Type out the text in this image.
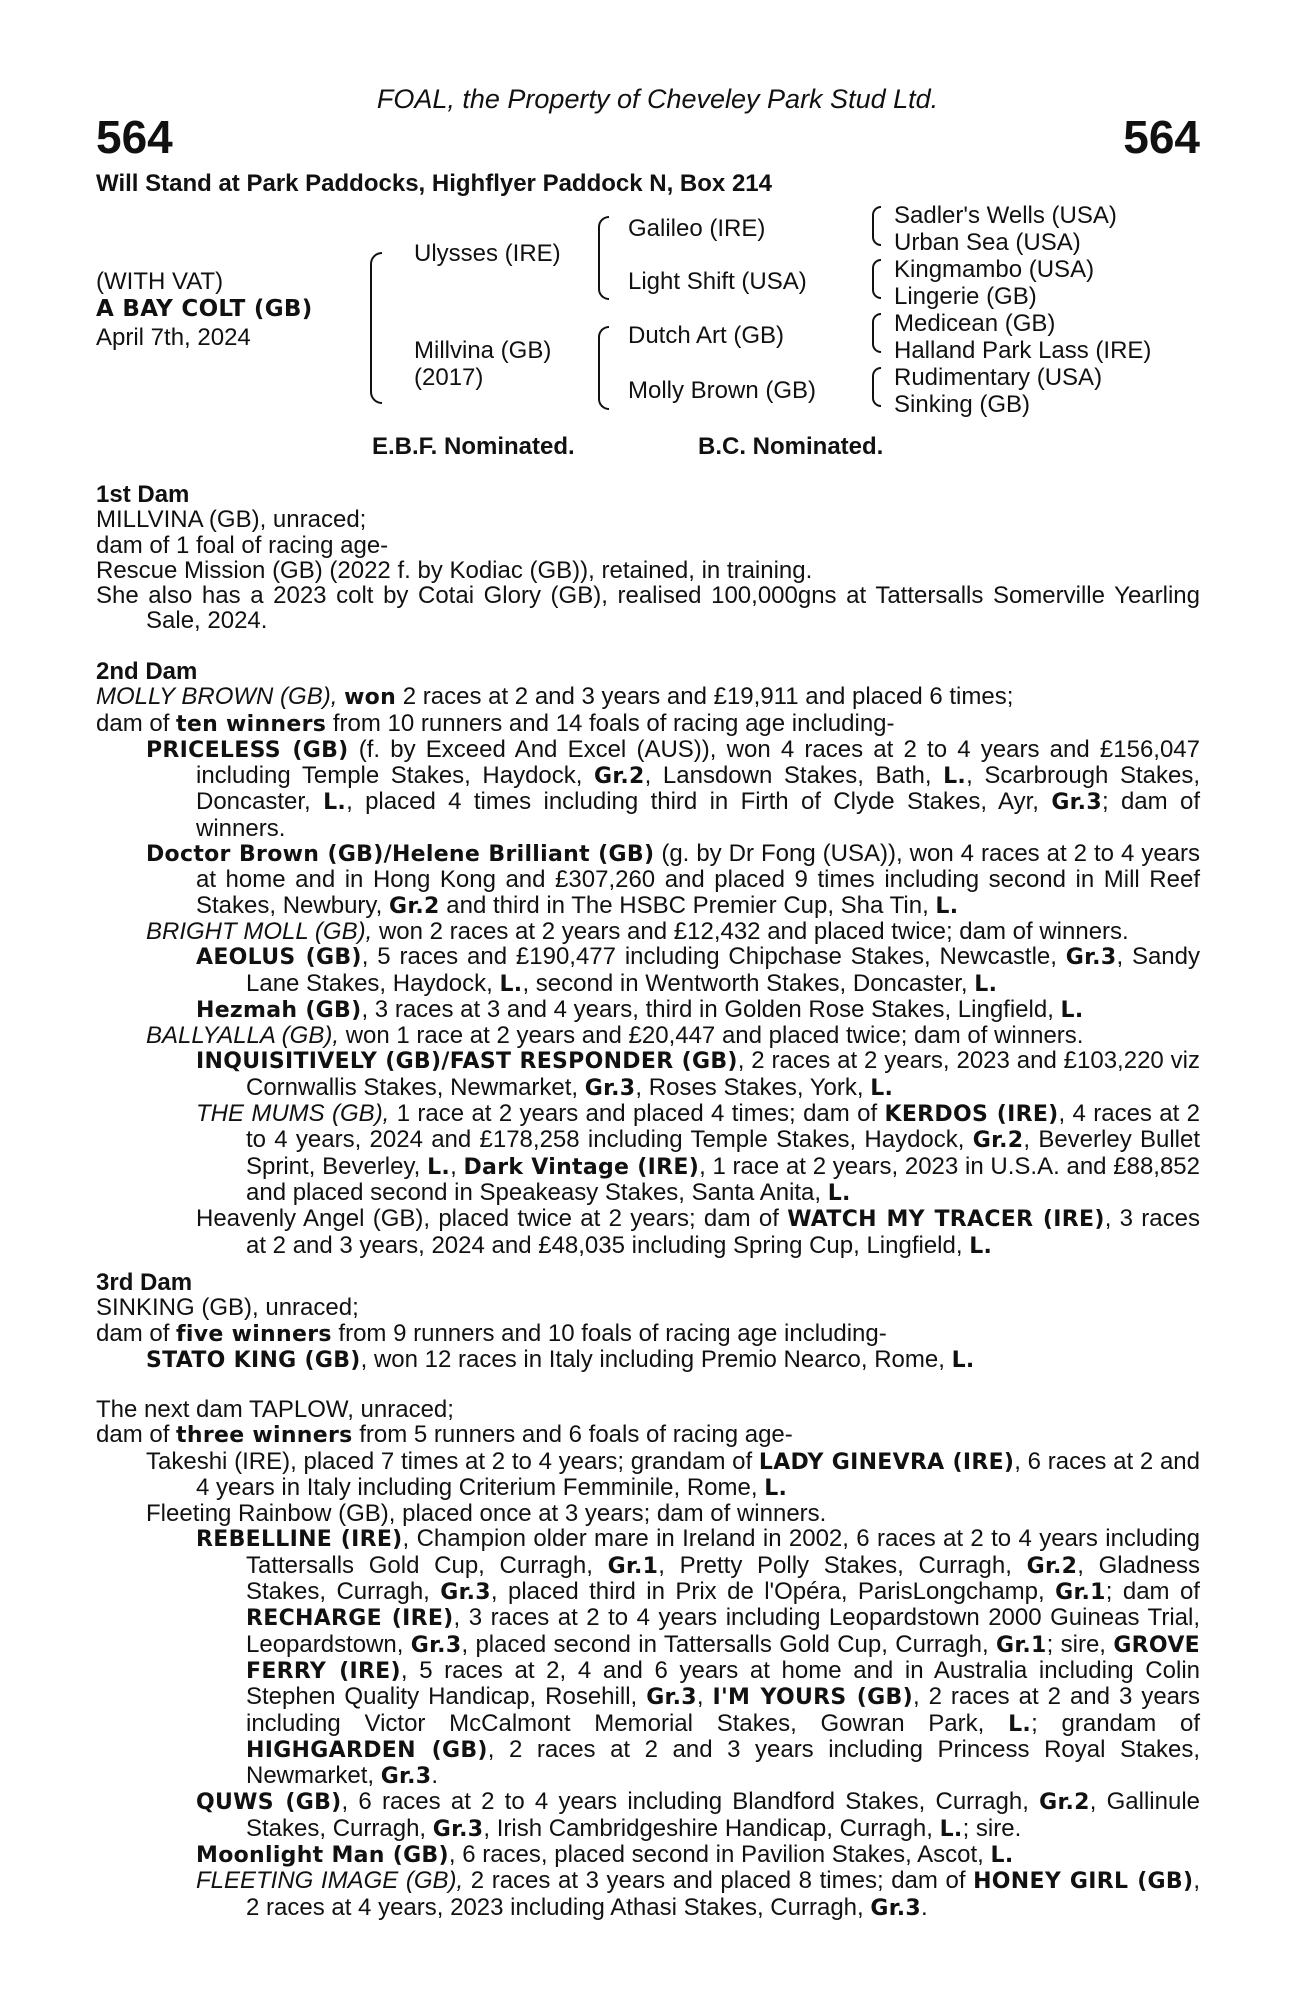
FOAL, the Property of Cheveley Park Stud Ltd.
564	564
Will Stand at Park Paddocks, Highflyer Paddock N, Box 214
(WITH VAT)
A BAY COLT (GB)
April 7th, 2024
Ulysses (IRE)
Millvina (GB)
(2017)
Galileo (IRE)
Light Shift (USA)
Dutch Art (GB)
Molly Brown (GB)
Sadler's Wells (USA)
Urban Sea (USA)
Kingmambo (USA)
Lingerie (GB)
Medicean (GB)
Halland Park Lass (IRE)
Rudimentary (USA)
Sinking (GB)
E.B.F. Nominated.	B.C. Nominated.

1st Dam

MILLVINA (GB), unraced;

dam of 1 foal of racing age-

Rescue Mission (GB) (2022 f. by Kodiac (GB)), retained, in training.

She also has a 2023 colt by Cotai Glory (GB), realised 100,000gns at Tattersalls Somerville Yearling Sale, 2024.

2nd Dam

MOLLY BROWN (GB), won 2 races at 2 and 3 years and £19,911 and placed 6 times;

dam of ten winners from 10 runners and 14 foals of racing age including-

PRICELESS (GB) (f. by Exceed And Excel (AUS)), won 4 races at 2 to 4 years and £156,047 including Temple Stakes, Haydock, Gr.2, Lansdown Stakes, Bath, L., Scarbrough Stakes, Doncaster, L., placed 4 times including third in Firth of Clyde Stakes, Ayr, Gr.3; dam of winners.

Doctor Brown (GB)/Helene Brilliant (GB) (g. by Dr Fong (USA)), won 4 races at 2 to 4 years at home and in Hong Kong and £307,260 and placed 9 times including second in Mill Reef Stakes, Newbury, Gr.2 and third in The HSBC Premier Cup, Sha Tin, L.

BRIGHT MOLL (GB), won 2 races at 2 years and £12,432 and placed twice; dam of winners.

AEOLUS (GB), 5 races and £190,477 including Chipchase Stakes, Newcastle, Gr.3, Sandy Lane Stakes, Haydock, L., second in Wentworth Stakes, Doncaster, L.

Hezmah (GB), 3 races at 3 and 4 years, third in Golden Rose Stakes, Lingfield, L.

BALLYALLA (GB), won 1 race at 2 years and £20,447 and placed twice; dam of winners.

INQUISITIVELY (GB)/FAST RESPONDER (GB), 2 races at 2 years, 2023 and £103,220 viz Cornwallis Stakes, Newmarket, Gr.3, Roses Stakes, York, L.

THE MUMS (GB), 1 race at 2 years and placed 4 times; dam of KERDOS (IRE), 4 races at 2 to 4 years, 2024 and £178,258 including Temple Stakes, Haydock, Gr.2, Beverley Bullet Sprint, Beverley, L., Dark Vintage (IRE), 1 race at 2 years, 2023 in U.S.A. and £88,852 and placed second in Speakeasy Stakes, Santa Anita, L.

Heavenly Angel (GB), placed twice at 2 years; dam of WATCH MY TRACER (IRE), 3 races at 2 and 3 years, 2024 and £48,035 including Spring Cup, Lingfield, L.

3rd Dam

SINKING (GB), unraced;

dam of five winners from 9 runners and 10 foals of racing age including-

STATO KING (GB), won 12 races in Italy including Premio Nearco, Rome, L.

The next dam TAPLOW, unraced;

dam of three winners from 5 runners and 6 foals of racing age-

Takeshi (IRE), placed 7 times at 2 to 4 years; grandam of LADY GINEVRA (IRE), 6 races at 2 and 4 years in Italy including Criterium Femminile, Rome, L.

Fleeting Rainbow (GB), placed once at 3 years; dam of winners.

REBELLINE (IRE), Champion older mare in Ireland in 2002, 6 races at 2 to 4 years including Tattersalls Gold Cup, Curragh, Gr.1, Pretty Polly Stakes, Curragh, Gr.2, Gladness Stakes, Curragh, Gr.3, placed third in Prix de l'Opéra, ParisLongchamp, Gr.1; dam of RECHARGE (IRE), 3 races at 2 to 4 years including Leopardstown 2000 Guineas Trial, Leopardstown, Gr.3, placed second in Tattersalls Gold Cup, Curragh, Gr.1; sire, GROVE FERRY (IRE), 5 races at 2, 4 and 6 years at home and in Australia including Colin Stephen Quality Handicap, Rosehill, Gr.3, I'M YOURS (GB), 2 races at 2 and 3 years including Victor McCalmont Memorial Stakes, Gowran Park, L.; grandam of HIGHGARDEN (GB), 2 races at 2 and 3 years including Princess Royal Stakes, Newmarket, Gr.3.

QUWS (GB), 6 races at 2 to 4 years including Blandford Stakes, Curragh, Gr.2, Gallinule Stakes, Curragh, Gr.3, Irish Cambridgeshire Handicap, Curragh, L.; sire.

Moonlight Man (GB), 6 races, placed second in Pavilion Stakes, Ascot, L.

FLEETING IMAGE (GB), 2 races at 3 years and placed 8 times; dam of HONEY GIRL (GB), 2 races at 4 years, 2023 including Athasi Stakes, Curragh, Gr.3.
